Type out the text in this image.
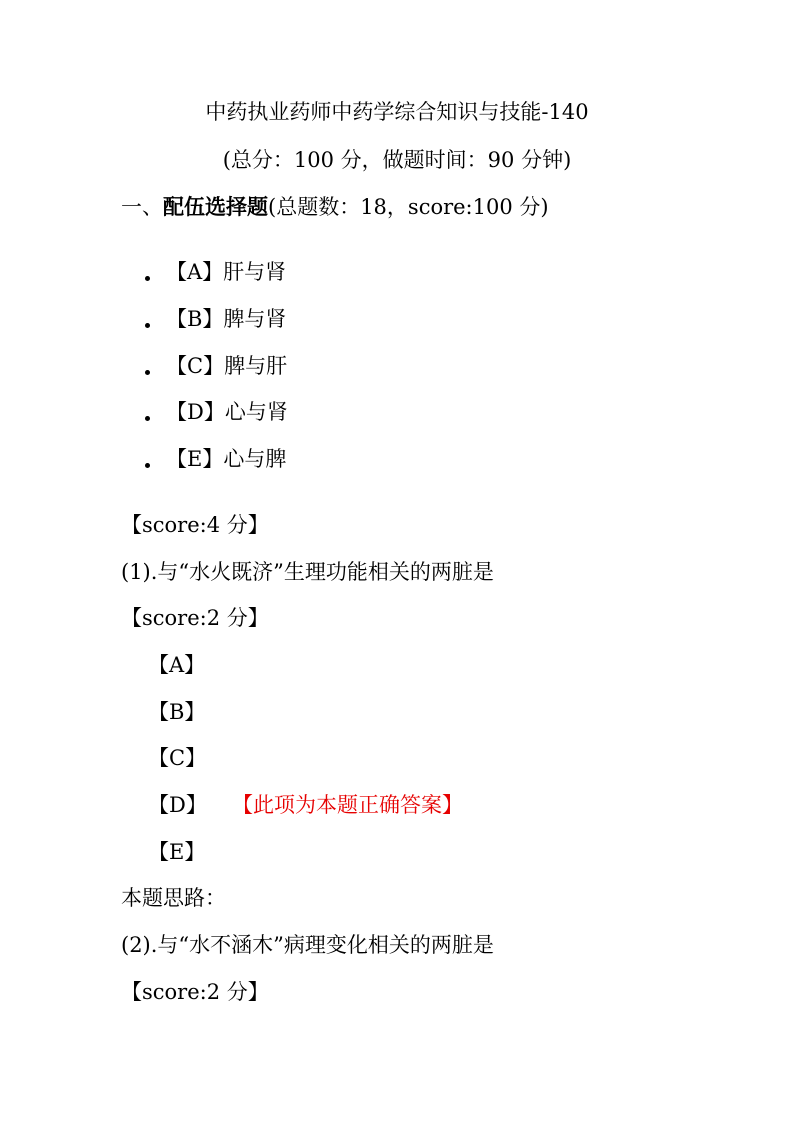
中药执业药师中药学综合知识与技能-140
(总分：100 分，做题时间：90 分钟)
一、配伍选择题(总题数：18，score:100 分)
【A】肝与肾
【B】脾与肾
【C】脾与肝
【D】心与肾
【E】心与脾
【score:4 分】
(1).与“水火既济”生理功能相关的两脏是
【score:2 分】
【A】
【B】
【C】
【D】 【此项为本题正确答案】
【E】
本题思路：
(2).与“水不涵木”病理变化相关的两脏是
【score:2 分】
